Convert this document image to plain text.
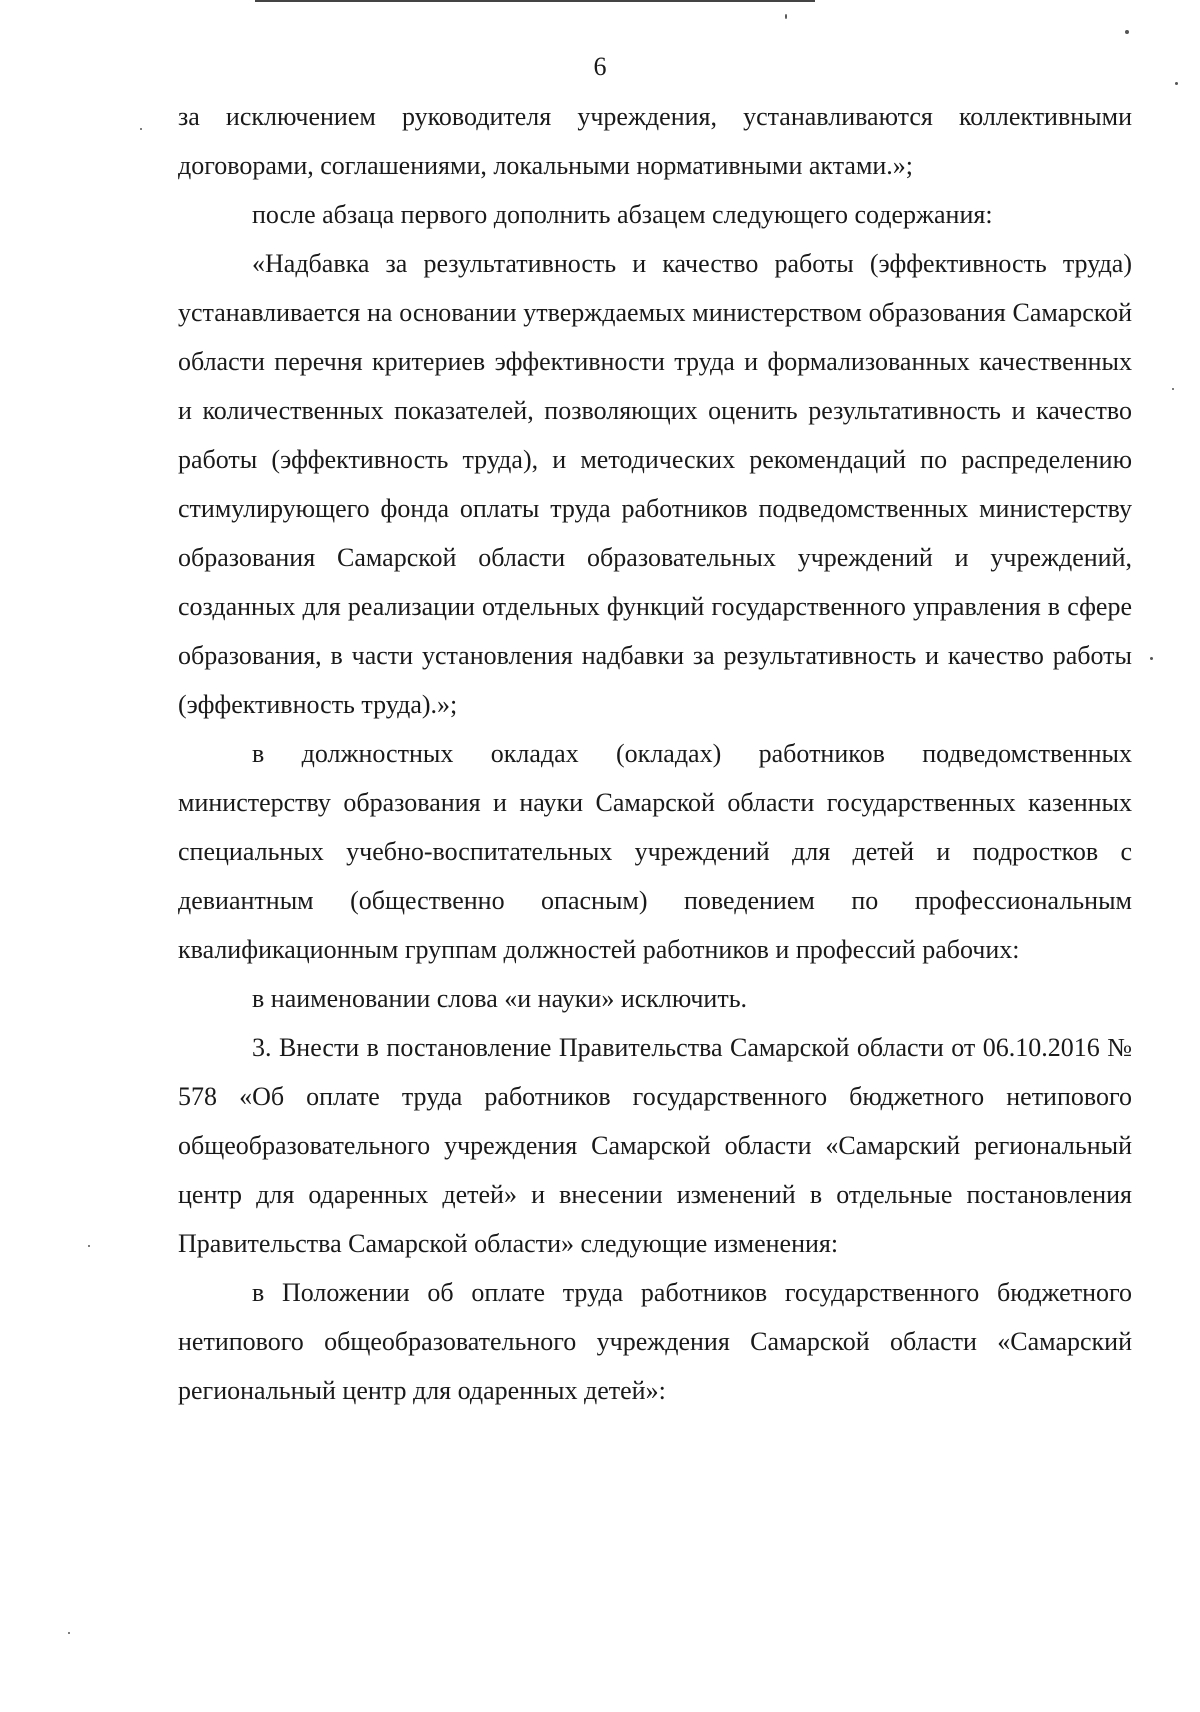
6

за исключением руководителя учреждения, устанавливаются коллективными договорами, соглашениями, локальными нормативными актами.»;

после абзаца первого дополнить абзацем следующего содержания:

«Надбавка за результативность и качество работы (эффективность труда) устанавливается на основании утверждаемых министерством образования Самарской области перечня критериев эффективности труда и формализованных качественных и количественных показателей, позволяющих оценить результативность и качество работы (эффективность труда), и методических рекомендаций по распределению стимулирующего фонда оплаты труда работников подведомственных министерству образования Самарской области образовательных учреждений и учреждений, созданных для реализации отдельных функций государственного управления в сфере образования, в части установления надбавки за результативность и качество работы (эффективность труда).»;

в должностных окладах (окладах) работников подведомственных министерству образования и науки Самарской области государственных казенных специальных учебно-воспитательных учреждений для детей и подростков с девиантным (общественно опасным) поведением по профессиональным квалификационным группам должностей работников и профессий рабочих:

в наименовании слова «и науки» исключить.

3. Внести в постановление Правительства Самарской области от 06.10.2016 № 578 «Об оплате труда работников государственного бюджетного нетипового общеобразовательного учреждения Самарской области «Самарский региональный центр для одаренных детей» и внесении изменений в отдельные постановления Правительства Самарской области» следующие изменения:

в Положении об оплате труда работников государственного бюджетного нетипового общеобразовательного учреждения Самарской области «Самарский региональный центр для одаренных детей»:
